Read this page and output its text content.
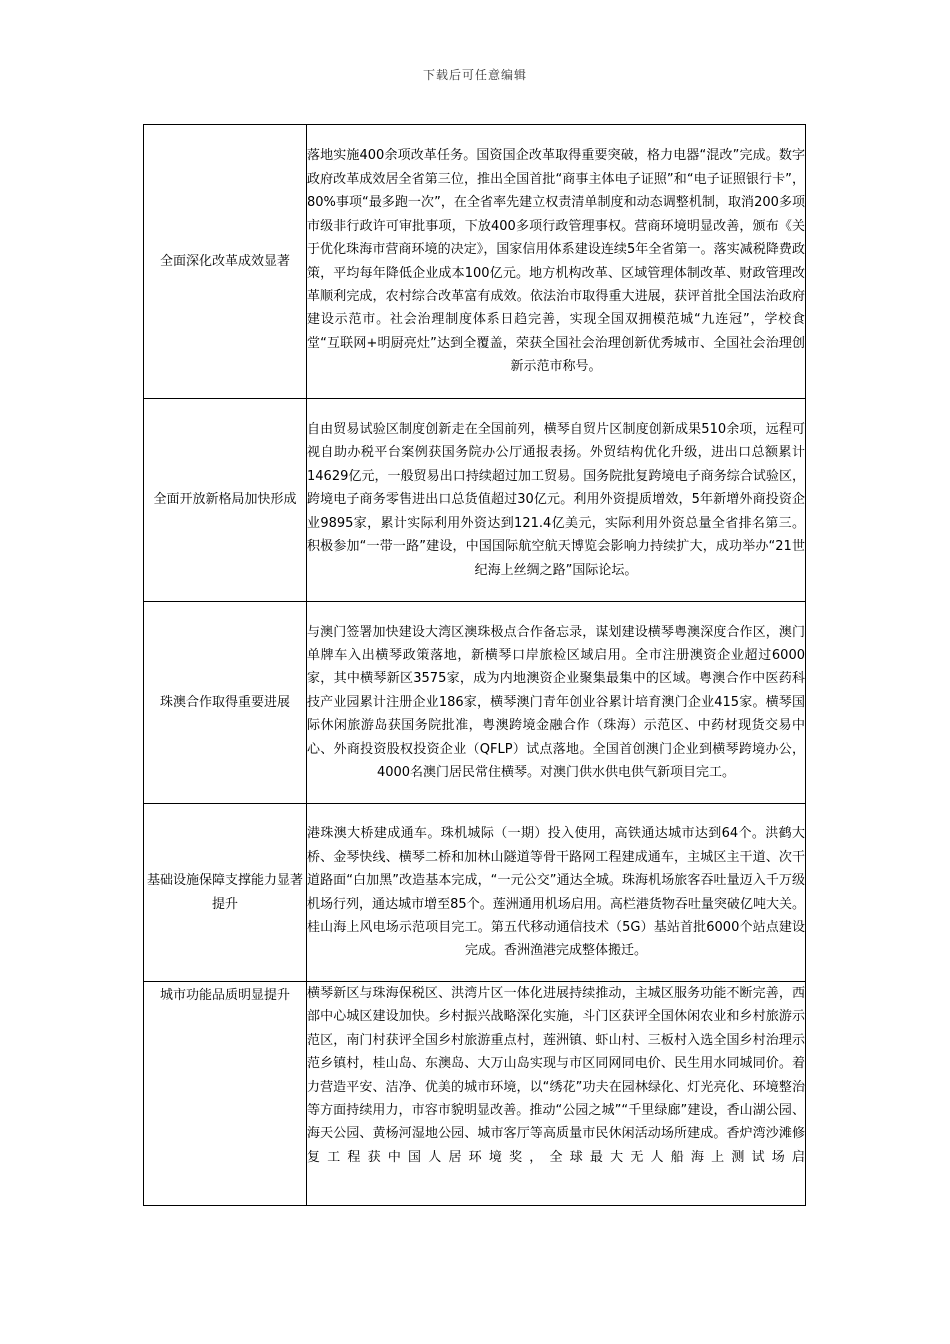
下载后可任意编辑
全面深化改革成效显著	落地实施400余项改革任务。国资国企改革取得重要突破，格力电器“混改”完成。数字政府改革成效居全省第三位，推出全国首批“商事主体电子证照”和“电子证照银行卡”，80%事项“最多跑一次”，在全省率先建立权责清单制度和动态调整机制，取消200多项市级非行政许可审批事项，下放400多项行政管理事权。营商环境明显改善，颁布《关于优化珠海市营商环境的决定》，国家信用体系建设连续5年全省第一。落实减税降费政策，平均每年降低企业成本100亿元。地方机构改革、区域管理体制改革、财政管理改革顺利完成，农村综合改革富有成效。依法治市取得重大进展，获评首批全国法治政府建设示范市。社会治理制度体系日趋完善，实现全国双拥模范城“九连冠”，学校食堂“互联网+明厨亮灶”达到全覆盖，荣获全国社会治理创新优秀城市、全国社会治理创新示范市称号。
全面开放新格局加快形成	自由贸易试验区制度创新走在全国前列，横琴自贸片区制度创新成果510余项，远程可视自助办税平台案例获国务院办公厅通报表扬。外贸结构优化升级，进出口总额累计14629亿元，一般贸易出口持续超过加工贸易。国务院批复跨境电子商务综合试验区，跨境电子商务零售进出口总货值超过30亿元。利用外资提质增效，5年新增外商投资企业9895家，累计实际利用外资达到121.4亿美元，实际利用外资总量全省排名第三。积极参加“一带一路”建设，中国国际航空航天博览会影响力持续扩大，成功举办“21世纪海上丝绸之路”国际论坛。
珠澳合作取得重要进展	与澳门签署加快建设大湾区澳珠极点合作备忘录，谋划建设横琴粤澳深度合作区，澳门单牌车入出横琴政策落地，新横琴口岸旅检区域启用。全市注册澳资企业超过6000家，其中横琴新区3575家，成为内地澳资企业聚集最集中的区域。粤澳合作中医药科技产业园累计注册企业186家，横琴澳门青年创业谷累计培育澳门企业415家。横琴国际休闲旅游岛获国务院批准，粤澳跨境金融合作（珠海）示范区、中药材现货交易中心、外商投资股权投资企业（QFLP）试点落地。全国首创澳门企业到横琴跨境办公，4000名澳门居民常住横琴。对澳门供水供电供气新项目完工。
基础设施保障支撑能力显著提升	港珠澳大桥建成通车。珠机城际（一期）投入使用，高铁通达城市达到64个。洪鹤大桥、金琴快线、横琴二桥和加林山隧道等骨干路网工程建成通车，主城区主干道、次干道路面“白加黑”改造基本完成，“一元公交”通达全城。珠海机场旅客吞吐量迈入千万级机场行列，通达城市增至85个。莲洲通用机场启用。高栏港货物吞吐量突破亿吨大关。桂山海上风电场示范项目完工。第五代移动通信技术（5G）基站首批6000个站点建设完成。香洲渔港完成整体搬迁。
城市功能品质明显提升	横琴新区与珠海保税区、洪湾片区一体化进展持续推动，主城区服务功能不断完善，西部中心城区建设加快。乡村振兴战略深化实施，斗门区获评全国休闲农业和乡村旅游示范区，南门村获评全国乡村旅游重点村，莲洲镇、虾山村、三板村入选全国乡村治理示范乡镇村，桂山岛、东澳岛、大万山岛实现与市区同网同电价、民生用水同城同价。着力营造平安、洁净、优美的城市环境，以“绣花”功夫在园林绿化、灯光亮化、环境整治等方面持续用力，市容市貌明显改善。推动“公园之城”“千里绿廊”建设，香山湖公园、海天公园、黄杨河湿地公园、城市客厅等高质量市民休闲活动场所建成。香炉湾沙滩修复工程获中国人居环境奖，全球最大无人船海上测试场启
